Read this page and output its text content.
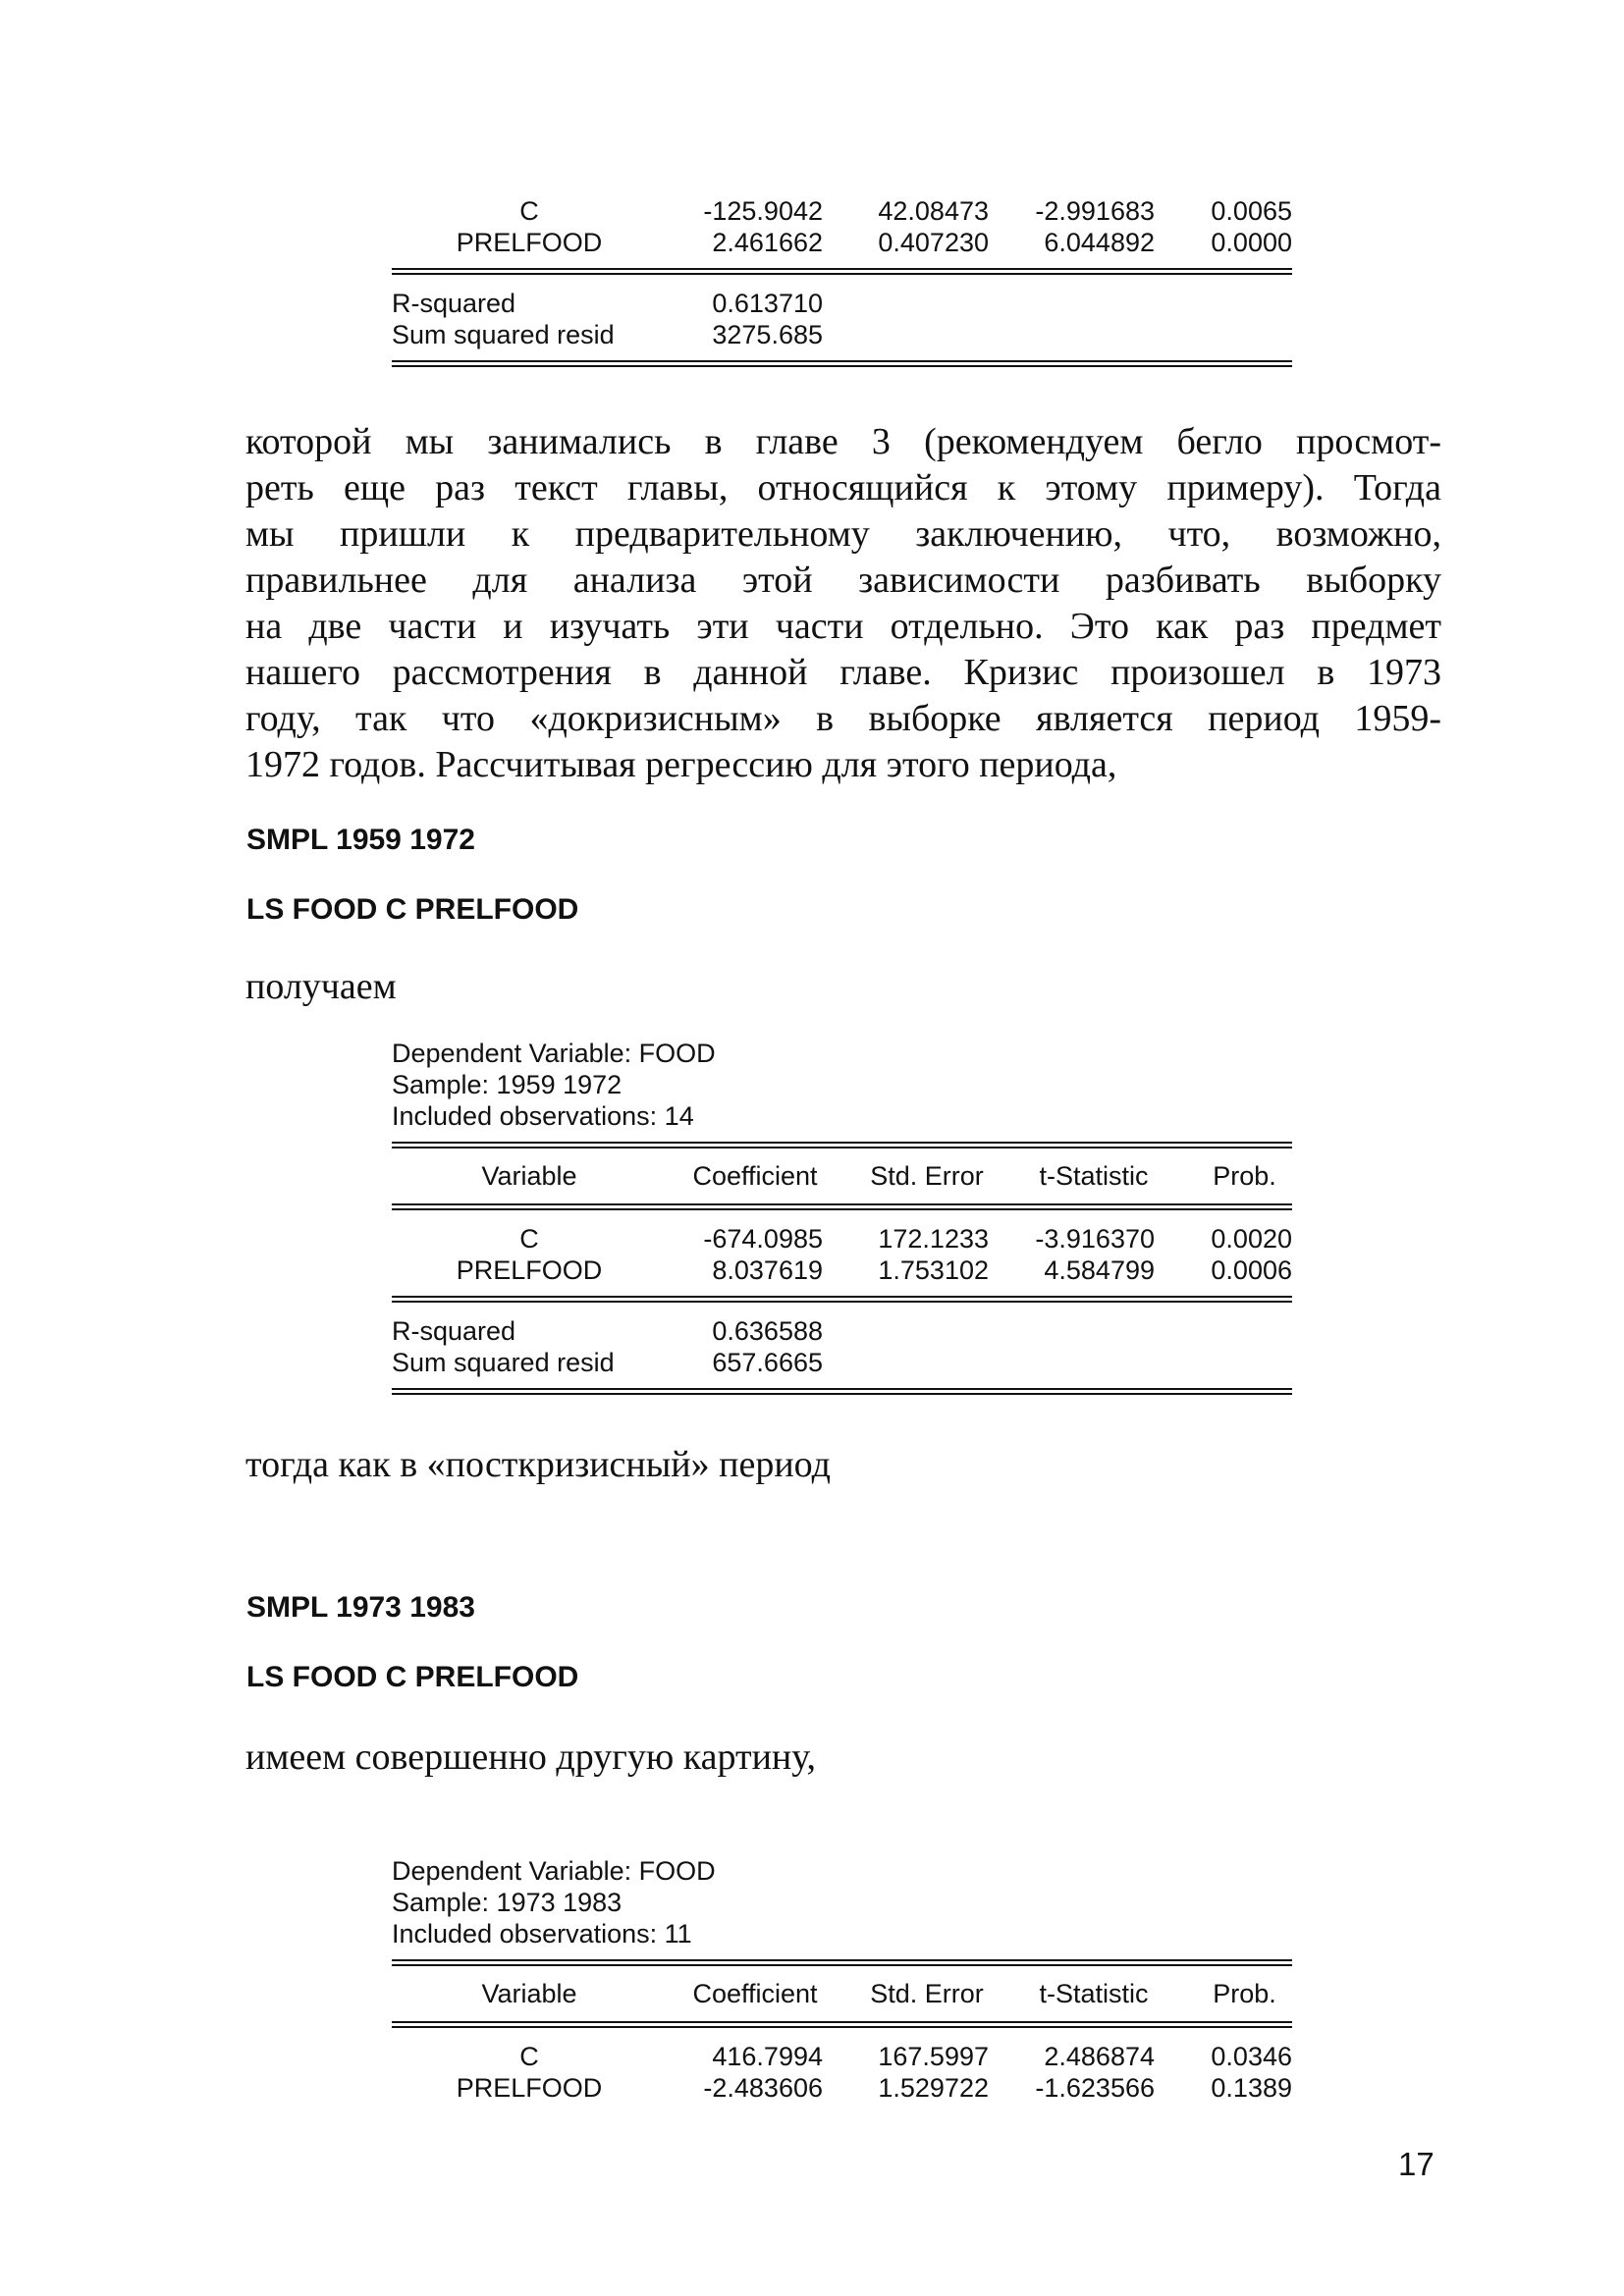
C	-125.9042 42.08473 -2.991683 0.0065
PRELFOOD	2.461662 0.407230 6.044892 0.0000
R-squared	0.613710
Sum squared resid	3275.685
которой мы занимались в главе 3 (рекомендуем бегло просмот-
реть еще раз текст главы, относящийся к этому примеру). Тогда
мы пришли к предварительному заключению, что, возможно,
правильнее для анализа этой зависимости разбивать выборку
на две части и изучать эти части отдельно. Это как раз предмет
нашего рассмотрения в данной главе. Кризис произошел в 1973
году, так что «докризисным» в выборке является период 1959-
1972 годов. Рассчитывая регрессию для этого периода,
SMPL 1959 1972
LS FOOD C PRELFOOD
получаем
Dependent Variable: FOOD
Sample: 1959 1972
Included observations: 14
Variable	Coefficient	Std. Error	t-Statistic	Prob.
C	-674.0985 172.1233 -3.916370 0.0020
PRELFOOD	8.037619 1.753102 4.584799 0.0006
R-squared	0.636588
Sum squared resid	657.6665
тогда как в «посткризисный» период
SMPL 1973 1983
LS FOOD C PRELFOOD
имеем совершенно другую картину,
Dependent Variable: FOOD
Sample: 1973 1983
Included observations: 11
Variable	Coefficient	Std. Error	t-Statistic	Prob.
C	416.7994 167.5997 2.486874 0.0346
PRELFOOD	-2.483606 1.529722 -1.623566 0.1389
17
